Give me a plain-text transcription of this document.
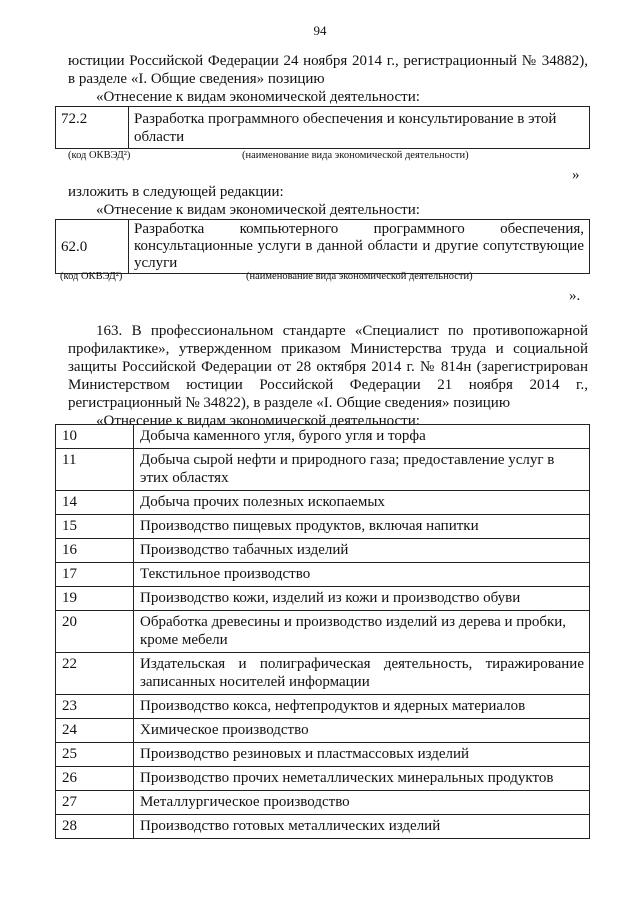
94
юстиции Российской Федерации 24 ноября 2014 г., регистрационный № 34882),
в разделе «I. Общие сведения» позицию
«Отнесение к видам экономической деятельности:
72.2	Разработка программного обеспечения и консультирование в этой области
(код ОКВЭД²)	(наименование вида экономической деятельности)
»
изложить в следующей редакции:
«Отнесение к видам экономической деятельности:
62.0	Разработка компьютерного программного обеспечения, консультационные услуги в данной области и другие сопутствующие услуги
(код ОКВЭД²)	(наименование вида экономической деятельности)
».
163. В профессиональном стандарте «Специалист по противопожарной
профилактике», утвержденном приказом Министерства труда и социальной
защиты Российской Федерации от 28 октября 2014 г. № 814н (зарегистрирован
Министерством юстиции Российской Федерации 21 ноября 2014 г.,
регистрационный № 34822), в разделе «I. Общие сведения» позицию
«Отнесение к видам экономической деятельности:
10	Добыча каменного угля, бурого угля и торфа
11	Добыча сырой нефти и природного газа; предоставление услуг в этих областях
14	Добыча прочих полезных ископаемых
15	Производство пищевых продуктов, включая напитки
16	Производство табачных изделий
17	Текстильное производство
19	Производство кожи, изделий из кожи и производство обуви
20	Обработка древесины и производство изделий из дерева и пробки, кроме мебели
22	Издательская и полиграфическая деятельность, тиражирование записанных носителей информации
23	Производство кокса, нефтепродуктов и ядерных материалов
24	Химическое производство
25	Производство резиновых и пластмассовых изделий
26	Производство прочих неметаллических минеральных продуктов
27	Металлургическое производство
28	Производство готовых металлических изделий
